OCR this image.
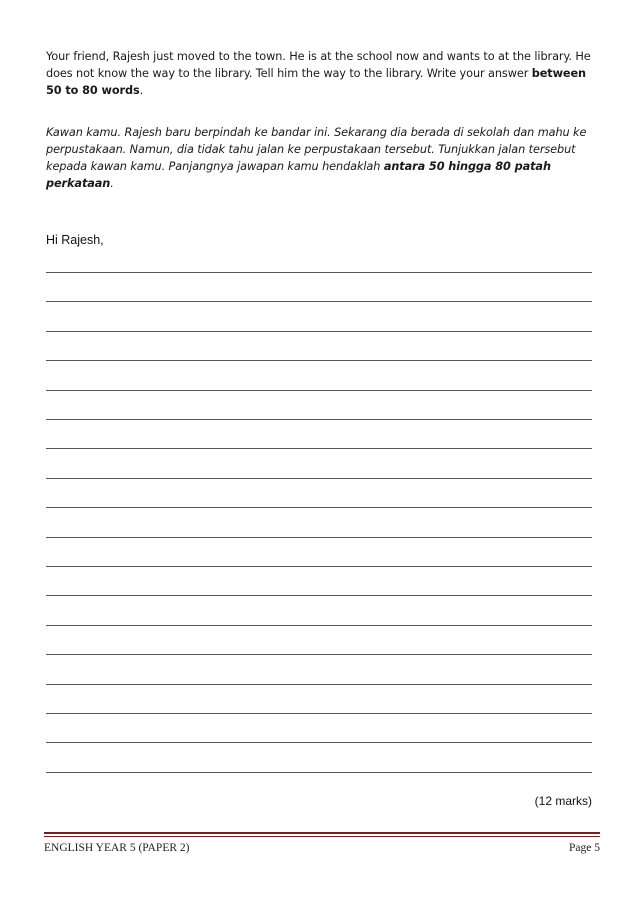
Your friend, Rajesh just moved to the town. He is at the school now and wants to at the library. He does not know the way to the library. Tell him the way to the library. Write your answer between 50 to 80 words.
Kawan kamu. Rajesh baru berpindah ke bandar ini. Sekarang dia berada di sekolah dan mahu ke perpustakaan. Namun, dia tidak tahu jalan ke perpustakaan tersebut. Tunjukkan jalan tersebut kepada kawan kamu. Panjangnya jawapan kamu hendaklah antara 50 hingga 80 patah perkataan.
Hi Rajesh,
(12 marks)
ENGLISH YEAR 5 (PAPER 2)	Page 5
